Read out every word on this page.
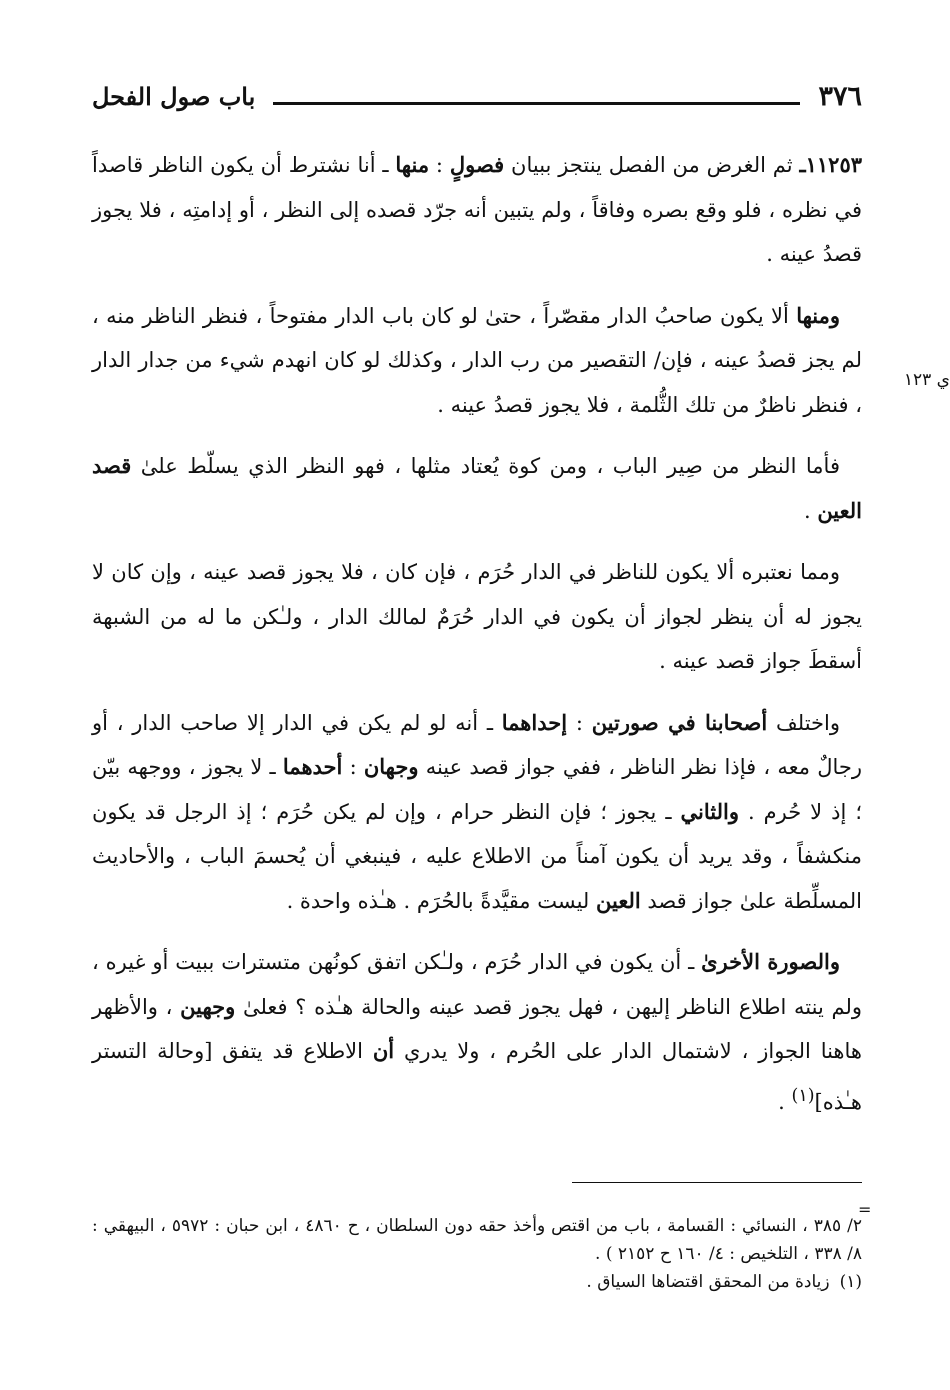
٣٧٦
باب صول الفحل
ي ١٢٣

١١٢٥٣ـ ثم الغرض من الفصل ينتجز ببيان فصولٍ : منها ـ أنا نشترط أن يكون الناظر قاصداً في نظره ، فلو وقع بصره وفاقاً ، ولم يتبين أنه جرّد قصده إلى النظر ، أو إدامتِه ، فلا يجوز قصدُ عينه .

ومنها ألا يكون صاحبُ الدار مقصّراً ، حتىٰ لو كان باب الدار مفتوحاً ، فنظر الناظر منه ، لم يجز قصدُ عينه ، فإن/ التقصير من رب الدار ، وكذلك لو كان انهدم شيء من جدار الدار ، فنظر ناظرٌ من تلك الثُّلمة ، فلا يجوز قصدُ عينه .

فأما النظر من صِير الباب ، ومن كوة يُعتاد مثلها ، فهو النظر الذي يسلّط علىٰ قصد العين .

ومما نعتبره ألا يكون للناظر في الدار حُرَم ، فإن كان ، فلا يجوز قصد عينه ، وإن كان لا يجوز له أن ينظر لجواز أن يكون في الدار حُرَمٌ لمالك الدار ، ولـٰكن ما له من الشبهة أسقطَ جواز قصد عينه .

واختلف أصحابنا في صورتين : إحداهما ـ أنه لو لم يكن في الدار إلا صاحب الدار ، أو رجالٌ معه ، فإذا نظر الناظر ، ففي جواز قصد عينه وجهان : أحدهما ـ لا يجوز ، ووجهه بيّن ؛ إذ لا حُرم . والثاني ـ يجوز ؛ فإن النظر حرام ، وإن لم يكن حُرَم ؛ إذ الرجل قد يكون منكشفاً ، وقد يريد أن يكون آمناً من الاطلاع عليه ، فينبغي أن يُحسمَ الباب ، والأحاديث المسلِّطة علىٰ جواز قصد العين ليست مقيَّدةً بالحُرَم . هـٰذه واحدة .

والصورة الأخرىٰ ـ أن يكون في الدار حُرَم ، ولـٰكن اتفق كونُهن متسترات ببيت أو غيره ، ولم ينته اطلاع الناظر إليهن ، فهل يجوز قصد عينه والحالة هـٰذه ؟ فعلىٰ وجهين ، والأظهر هاهنا الجواز ، لاشتمال الدار على الحُرم ، ولا يدري أن الاطلاع قد يتفق [وحالة التستر هـٰذه]$^{(١)}$ .

=

٢/ ٣٨٥ ، النسائي : القسامة ، باب من اقتص وأخذ حقه دون السلطان ، ح ٤٨٦٠ ، ابن حبان : ٥٩٧٢ ، البيهقي : ٨/ ٣٣٨ ، التلخيص : ٤/ ١٦٠ ح ٢١٥٢ ) .

(١)زيادة من المحقق اقتضاها السياق .
